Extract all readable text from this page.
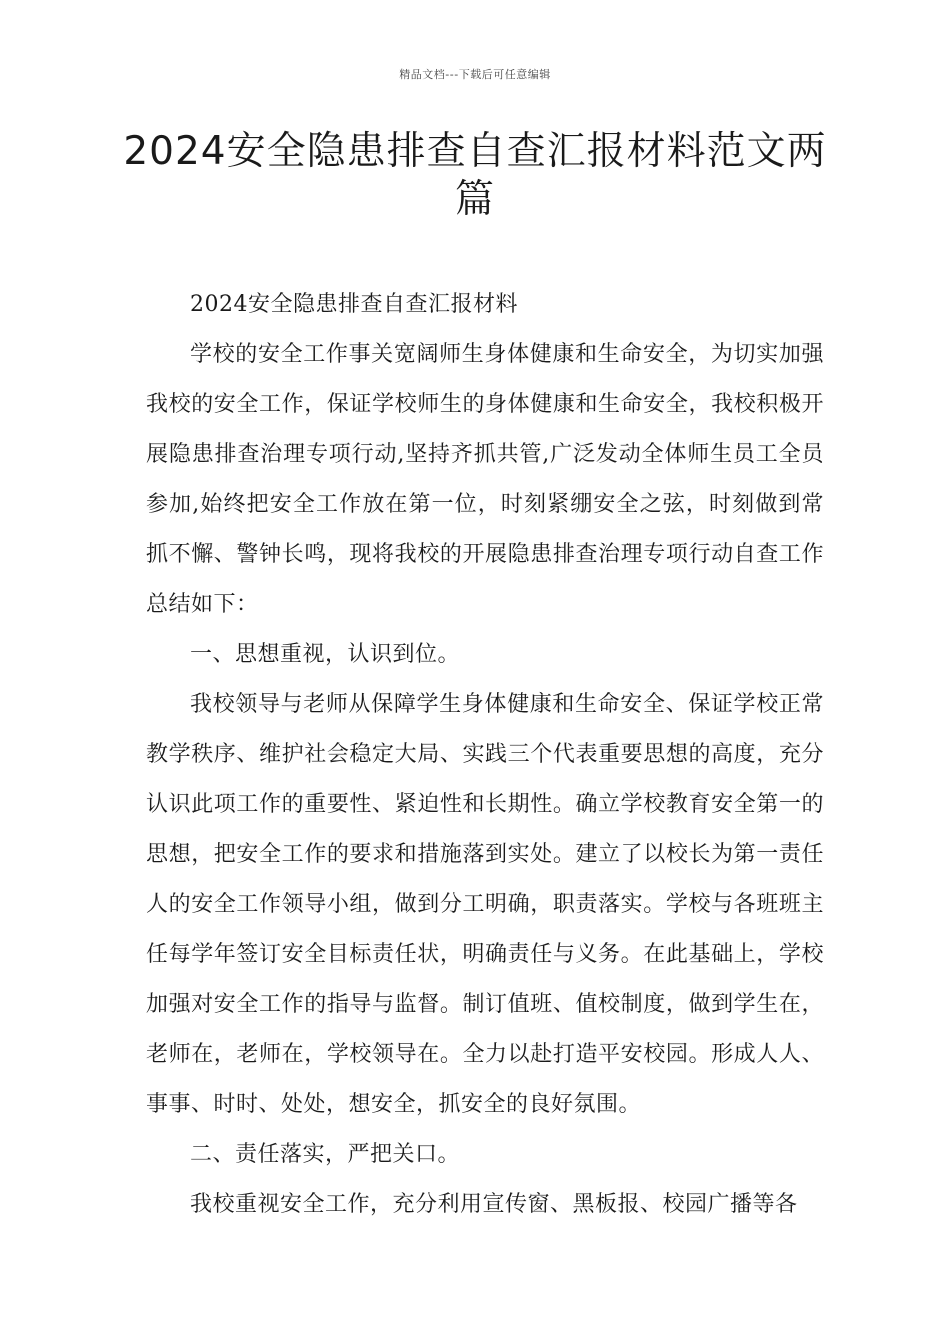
精品文档---下载后可任意编辑
2024安全隐患排查自查汇报材料范文两篇

2024安全隐患排查自查汇报材料

学校的安全工作事关宽阔师生身体健康和生命安全，为切实加强我校的安全工作，保证学校师生的身体健康和生命安全，我校积极开展隐患排查治理专项行动,坚持齐抓共管,广泛发动全体师生员工全员参加,始终把安全工作放在第一位，时刻紧绷安全之弦，时刻做到常抓不懈、警钟长鸣，现将我校的开展隐患排查治理专项行动自查工作总结如下：

一、思想重视，认识到位。

我校领导与老师从保障学生身体健康和生命安全、保证学校正常教学秩序、维护社会稳定大局、实践三个代表重要思想的高度，充分认识此项工作的重要性、紧迫性和长期性。确立学校教育安全第一的思想，把安全工作的要求和措施落到实处。建立了以校长为第一责任人的安全工作领导小组，做到分工明确，职责落实。学校与各班班主任每学年签订安全目标责任状，明确责任与义务。在此基础上，学校加强对安全工作的指导与监督。制订值班、值校制度，做到学生在，老师在，老师在，学校领导在。全力以赴打造平安校园。形成人人、事事、时时、处处，想安全，抓安全的良好氛围。

二、责任落实，严把关口。

我校重视安全工作，充分利用宣传窗、黑板报、校园广播等各
